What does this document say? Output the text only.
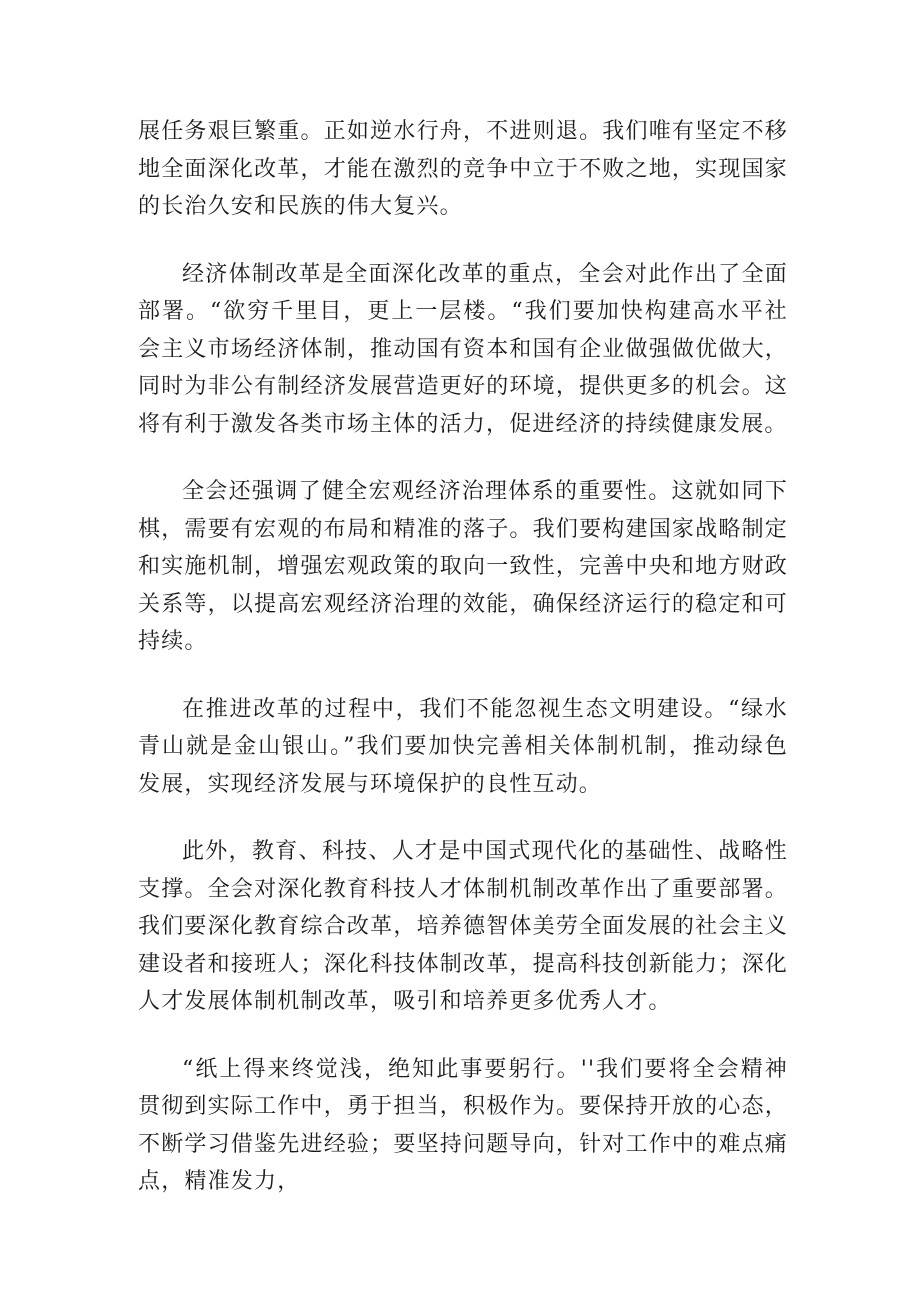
展任务艰巨繁重。正如逆水行舟，不进则退。我们唯有坚定不移地全面深化改革，才能在激烈的竞争中立于不败之地，实现国家的长治久安和民族的伟大复兴。

经济体制改革是全面深化改革的重点，全会对此作出了全面部署。“欲穷千里目，更上一层楼。“我们要加快构建高水平社会主义市场经济体制，推动国有资本和国有企业做强做优做大，同时为非公有制经济发展营造更好的环境，提供更多的机会。这将有利于激发各类市场主体的活力，促进经济的持续健康发展。

全会还强调了健全宏观经济治理体系的重要性。这就如同下棋，需要有宏观的布局和精准的落子。我们要构建国家战略制定和实施机制，增强宏观政策的取向一致性，完善中央和地方财政关系等，以提高宏观经济治理的效能，确保经济运行的稳定和可持续。

在推进改革的过程中，我们不能忽视生态文明建设。“绿水青山就是金山银山。”我们要加快完善相关体制机制，推动绿色发展，实现经济发展与环境保护的良性互动。

此外，教育、科技、人才是中国式现代化的基础性、战略性支撑。全会对深化教育科技人才体制机制改革作出了重要部署。我们要深化教育综合改革，培养德智体美劳全面发展的社会主义建设者和接班人；深化科技体制改革，提高科技创新能力；深化人才发展体制机制改革，吸引和培养更多优秀人才。

“纸上得来终觉浅，绝知此事要躬行。''我们要将全会精神贯彻到实际工作中，勇于担当，积极作为。要保持开放的心态，不断学习借鉴先进经验；要坚持问题导向，针对工作中的难点痛点，精准发力，
